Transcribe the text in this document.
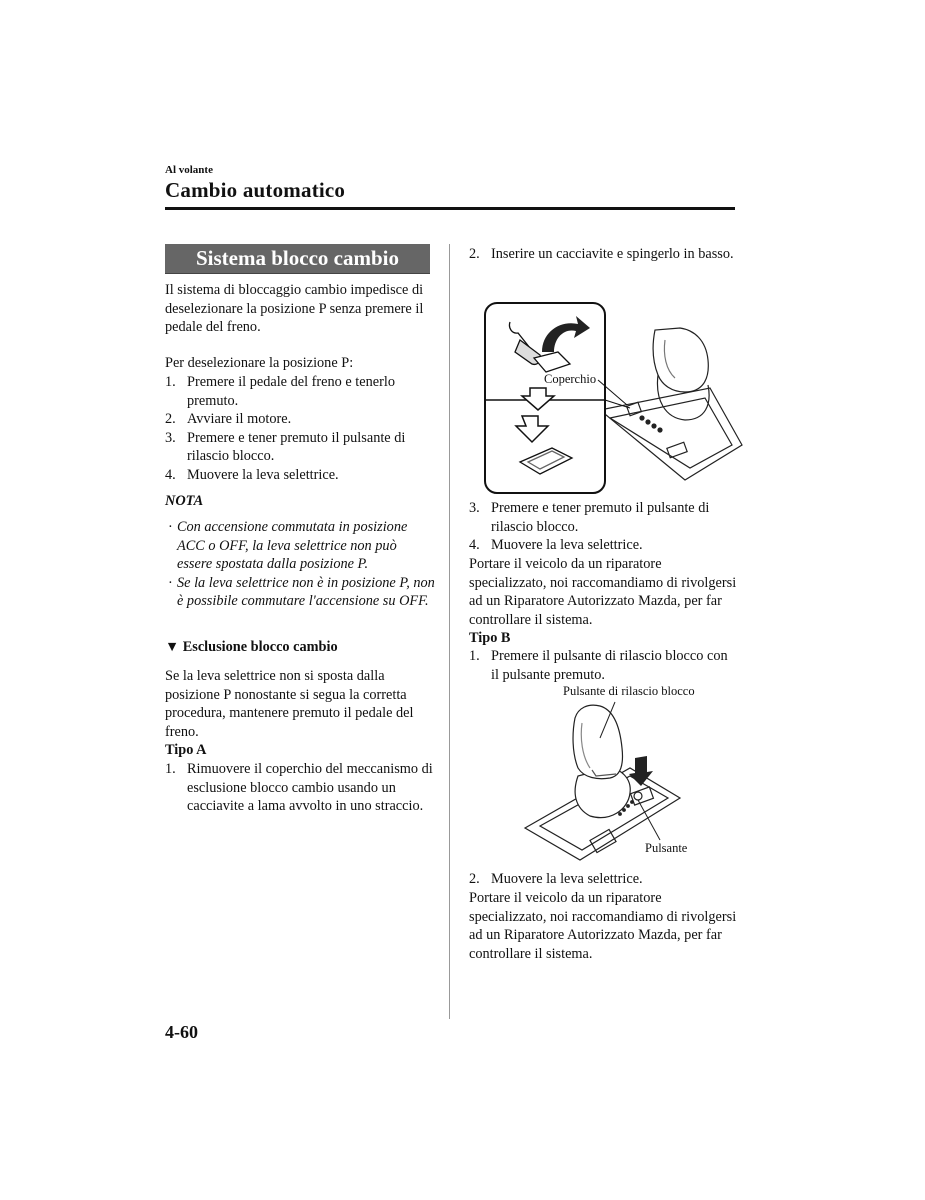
Al volante
Cambio automatico
Sistema blocco cambio

Il sistema di bloccaggio cambio impedisce di deselezionare la posizione P senza premere il pedale del freno.

Per deselezionare la posizione P:

1. Premere il pedale del freno e tenerlo premuto.
2. Avviare il motore.
3. Premere e tener premuto il pulsante di rilascio blocco.
4. Muovere la leva selettrice.

NOTA

· Con accensione commutata in posizione ACC o OFF, la leva selettrice non può essere spostata dalla posizione P.
· Se la leva selettrice non è in posizione P, non è possibile commutare l'accensione su OFF.

▼ Esclusione blocco cambio

Se la leva selettrice non si sposta dalla posizione P nonostante si segua la corretta procedura, mantenere premuto il pedale del freno.

Tipo A

1. Rimuovere il coperchio del meccanismo di esclusione blocco cambio usando un cacciavite a lama avvolto in uno straccio.
2. Inserire un cacciavite e spingerlo in basso.
Coperchio
3. Premere e tener premuto il pulsante di rilascio blocco.
4. Muovere la leva selettrice.

Portare il veicolo da un riparatore specializzato, noi raccomandiamo di rivolgersi ad un Riparatore Autorizzato Mazda, per far controllare il sistema.

Tipo B

1. Premere il pulsante di rilascio blocco con il pulsante premuto.
Pulsante di rilascio blocco
Pulsante
2. Muovere la leva selettrice.

Portare il veicolo da un riparatore specializzato, noi raccomandiamo di rivolgersi ad un Riparatore Autorizzato Mazda, per far controllare il sistema.

4-60
